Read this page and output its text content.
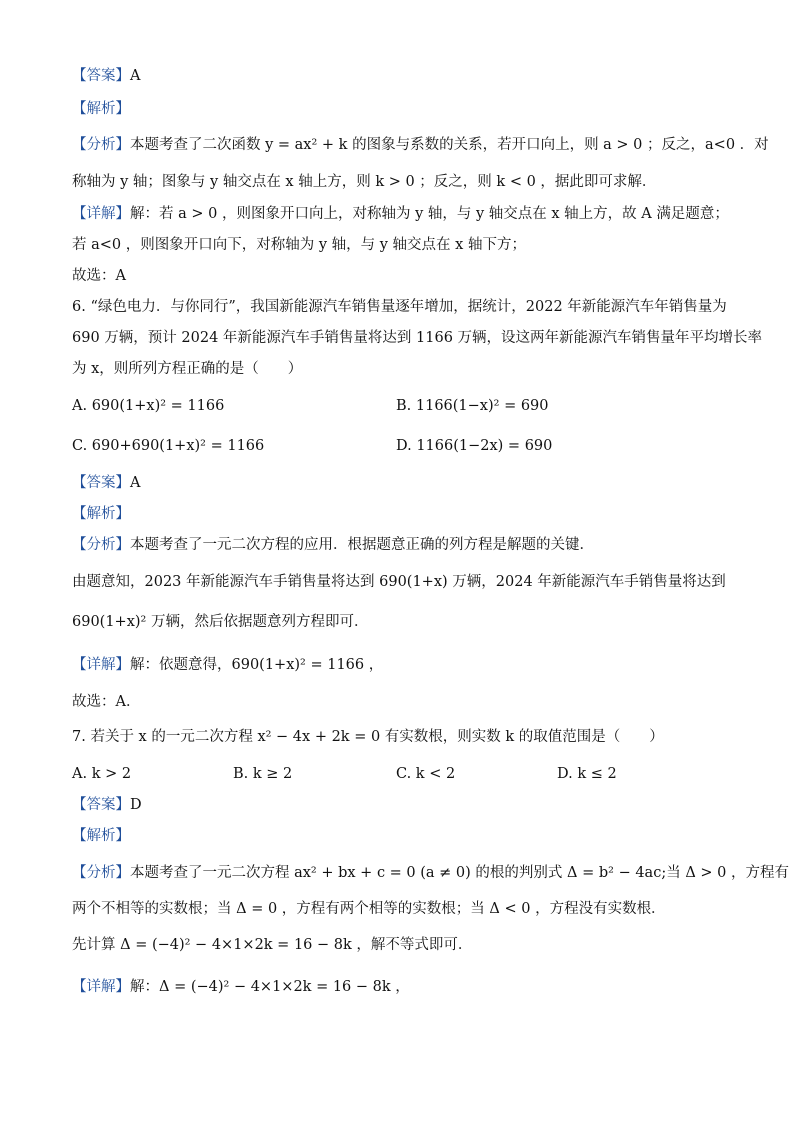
【答案】A
【解析】
【分析】本题考查了二次函数 y = ax² + k 的图象与系数的关系，若开口向上，则 a > 0 ；反之，a<0 ．对
称轴为 y 轴；图象与 y 轴交点在 x 轴上方，则 k > 0 ；反之，则 k < 0 ，据此即可求解．
【详解】解：若 a > 0 ，则图象开口向上，对称轴为 y 轴，与 y 轴交点在 x 轴上方，故 A 满足题意；
若 a<0 ，则图象开口向下，对称轴为 y 轴，与 y 轴交点在 x 轴下方；
故选：A
6. “绿色电力．与你同行”，我国新能源汽车销售量逐年增加，据统计，2022 年新能源汽车年销售量为
690 万辆，预计 2024 年新能源汽车手销售量将达到 1166 万辆，设这两年新能源汽车销售量年平均增长率
为 x，则所列方程正确的是（　　）
A. 690(1+x)² = 1166	B. 1166(1−x)² = 690
C. 690+690(1+x)² = 1166	D. 1166(1−2x) = 690
【答案】A
【解析】
【分析】本题考查了一元二次方程的应用．根据题意正确的列方程是解题的关键．
由题意知，2023 年新能源汽车手销售量将达到 690(1+x) 万辆，2024 年新能源汽车手销售量将达到
690(1+x)² 万辆，然后依据题意列方程即可．
【详解】解：依题意得，690(1+x)² = 1166 ，
故选：A．
7. 若关于 x 的一元二次方程 x² − 4x + 2k = 0 有实数根，则实数 k 的取值范围是（　　）
A. k > 2	B. k ≥ 2	C. k < 2	D. k ≤ 2
【答案】D
【解析】
【分析】本题考查了一元二次方程 ax² + bx + c = 0 (a ≠ 0) 的根的判别式 Δ = b² − 4ac;当 Δ > 0 ，方程有
两个不相等的实数根；当 Δ = 0 ，方程有两个相等的实数根；当 Δ < 0 ，方程没有实数根．
先计算 Δ = (−4)² − 4×1×2k = 16 − 8k ，解不等式即可．
【详解】解：Δ = (−4)² − 4×1×2k = 16 − 8k ，
